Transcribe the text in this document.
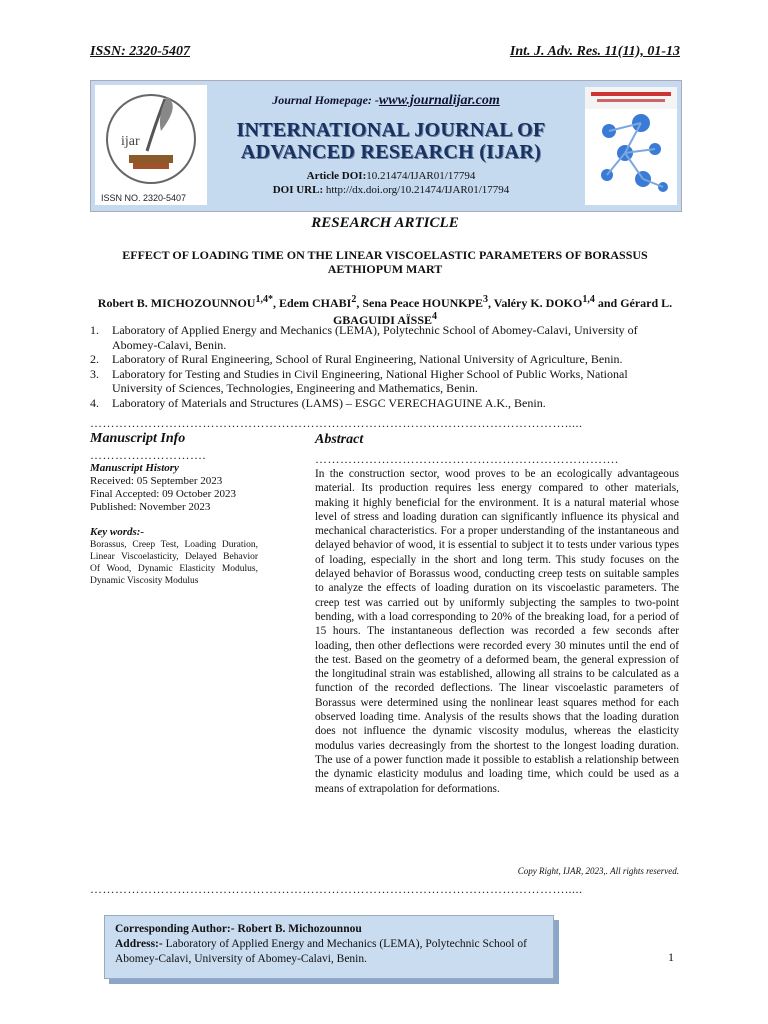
ISSN: 2320-5407	Int. J. Adv. Res. 11(11), 01-13
ijar
ISSN NO. 2320-5407
Journal Homepage: -www.journalijar.com
INTERNATIONAL JOURNAL OF
ADVANCED RESEARCH (IJAR)
Article DOI:10.21474/IJAR01/17794
DOI URL: http://dx.doi.org/10.21474/IJAR01/17794
RESEARCH ARTICLE
EFFECT OF LOADING TIME ON THE LINEAR VISCOELASTIC PARAMETERS OF BORASSUS AETHIOPUM MART
Robert B. $MICHOZOUNNOU^{1,4*}$, Edem CHABI$^2$, Sena Peace HOUNKPE$^3$, Valéry K. DOKO$^{1,4}$ and Gérard L. GBAGUIDI AÏSSE$^4$
1. Laboratory of Applied Energy and Mechanics (LEMA), Polytechnic School of Abomey-Calavi, University of Abomey-Calavi, Benin.
2. Laboratory of Rural Engineering, School of Rural Engineering, National University of Agriculture, Benin.
3. Laboratory for Testing and Studies in Civil Engineering, National Higher School of Public Works, National University of Sciences, Technologies, Engineering and Mathematics, Benin.
4. Laboratory of Materials and Structures (LAMS) – ESGC VERECHAGUINE A.K., Benin.
…………………………………………………………………………………………………….....
Manuscript Info
……………………….
Manuscript History
Received: 05 September 2023
Final Accepted: 09 October 2023
Published: November 2023
Key words:-
Borassus, Creep Test, Loading Duration, Linear Viscoelasticity, Delayed Behavior Of Wood, Dynamic Elasticity Modulus, Dynamic Viscosity Modulus
Abstract
……………………………………………………………….

In the construction sector, wood proves to be an ecologically advantageous material. Its production requires less energy compared to other materials, making it highly beneficial for the environment. It is a natural material whose level of stress and loading duration can significantly influence its physical and mechanical characteristics. For a proper understanding of the instantaneous and delayed behavior of wood, it is essential to subject it to tests under various types of loading, especially in the short and long term. This study focuses on the delayed behavior of Borassus wood, conducting creep tests on suitable samples to analyze the effects of loading duration on its viscoelastic parameters. The creep test was carried out by uniformly subjecting the samples to two-point bending, with a load corresponding to 20% of the breaking load, for a period of 15 hours. The instantaneous deflection was recorded a few seconds after loading, then other deflections were recorded every 30 minutes until the end of the test. Based on the geometry of a deformed beam, the general expression of the longitudinal strain was established, allowing all strains to be calculated as a function of the recorded deflections. The linear viscoelastic parameters of Borassus were determined using the nonlinear least squares method for each observed loading time. Analysis of the results shows that the loading duration does not influence the dynamic viscosity modulus, whereas the elasticity modulus varies decreasingly from the shortest to the longest loading duration. The use of a power function made it possible to establish a relationship between the dynamic elasticity modulus and loading time, which could be used as a means of extrapolation for deformations.

Copy Right, IJAR, 2023,. All rights reserved.
…………………………………………………………………………………………………….....
Corresponding Author:- Robert B. Michozounnou
Address:- Laboratory of Applied Energy and Mechanics (LEMA), Polytechnic School of Abomey-Calavi, University of Abomey-Calavi, Benin.	1
